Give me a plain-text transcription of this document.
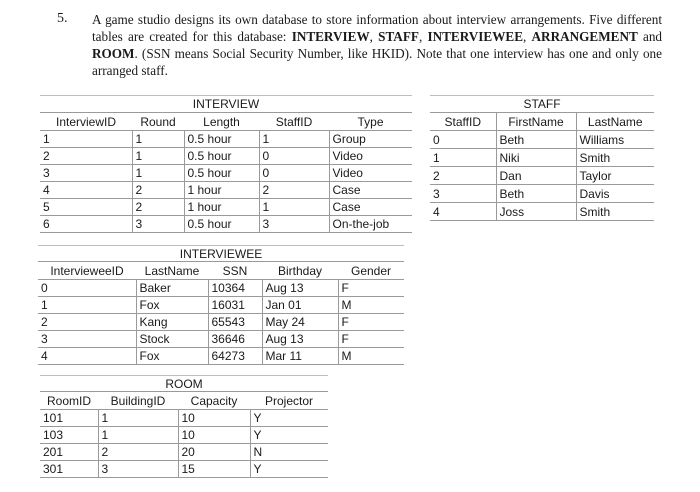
5. A game studio designs its own database to store information about interview arrangements. Five different tables are created for this database: INTERVIEW, STAFF, INTERVIEWEE, ARRANGEMENT and ROOM. (SSN means Social Security Number, like HKID). Note that one interview has one and only one arranged staff.
INTERVIEW				
InterviewID	Round	Length	StaffID	Type
1	1	0.5 hour	1	Group
2	1	0.5 hour	0	Video
3	1	0.5 hour	0	Video
4	2	1 hour	2	Case
5	2	1 hour	1	Case
6	3	0.5 hour	3	On-the-job
STAFF		
StaffID	FirstName	LastName
0	Beth	Williams
1	Niki	Smith
2	Dan	Taylor
3	Beth	Davis
4	Joss	Smith
INTERVIEWEE				
IntervieweeID	LastName	SSN	Birthday	Gender
0	Baker	10364	Aug 13	F
1	Fox	16031	Jan 01	M
2	Kang	65543	May 24	F
3	Stock	36646	Aug 13	F
4	Fox	64273	Mar 11	M
ROOM			
RoomID	BuildingID	Capacity	Projector
101	1	10	Y
103	1	10	Y
201	2	20	N
301	3	15	Y
